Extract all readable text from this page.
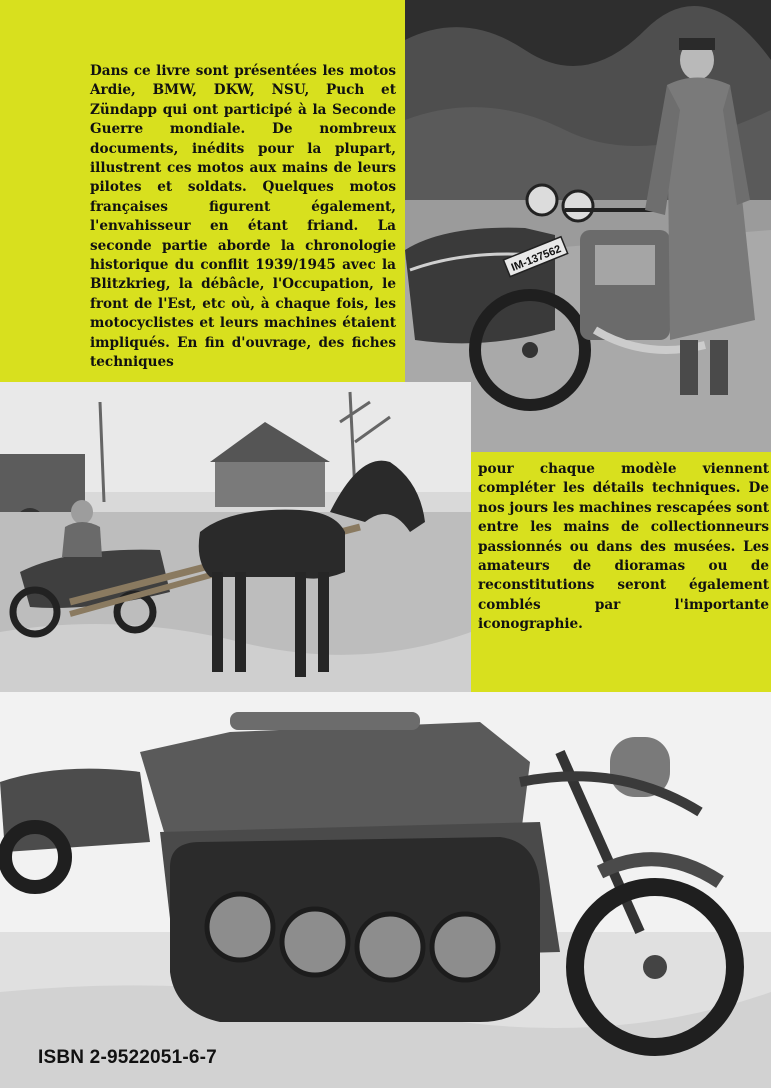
IM-137562

Dans ce livre sont présentées les motos Ardie, BMW, DKW, NSU, Puch et Zündapp qui ont participé à la Seconde Guerre mondiale. De nombreux documents, inédits pour la plupart, illustrent ces motos aux mains de leurs pilotes et soldats. Quelques motos françaises figurent également, l'envahisseur en étant friand. La seconde partie aborde la chronologie historique du conflit 1939/1945 avec la Blitzkrieg, la débâcle, l'Occupation, le front de l'Est, etc où, à chaque fois, les motocyclistes et leurs machines étaient impliqués. En fin d'ouvrage, des fiches techniques

pour chaque modèle viennent compléter les détails techniques. De nos jours les machines rescapées sont entre les mains de collectionneurs passionnés ou dans des musées. Les amateurs de dioramas ou de reconstitutions seront également comblés par l'importante iconographie.

ISBN 2-9522051-6-7
